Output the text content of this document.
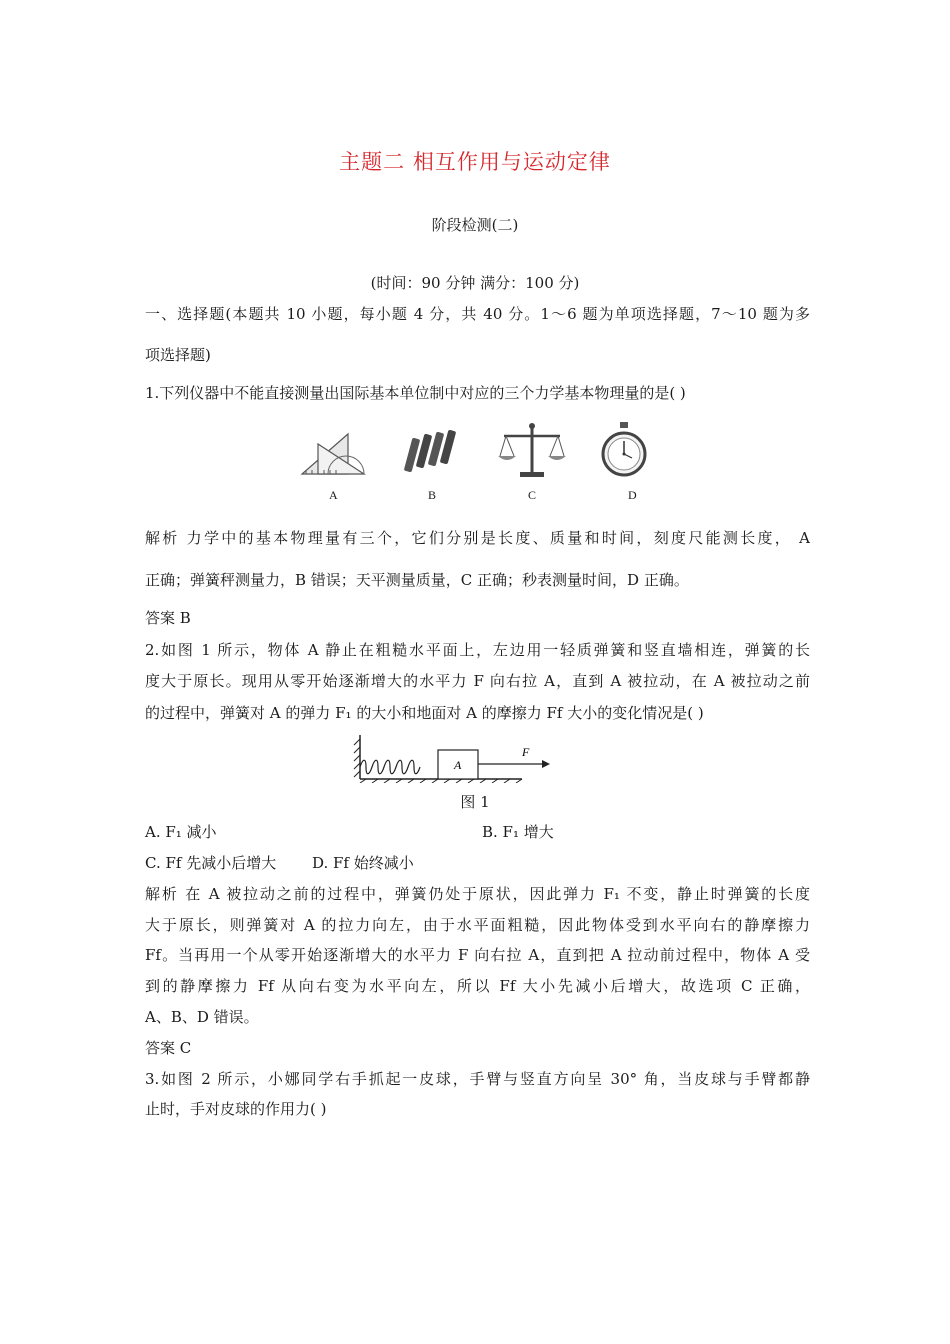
主题二 相互作用与运动定律
阶段检测(二)
(时间：90 分钟 满分：100 分)
一、选择题(本题共 10 小题，每小题 4 分，共 40 分。1～6 题为单项选择题，7～10 题为多
项选择题)
1.下列仪器中不能直接测量出国际基本单位制中对应的三个力学基本物理量的是( )
A	B	C	D
解析 力学中的基本物理量有三个，它们分别是长度、质量和时间，刻度尺能测长度， A
正确；弹簧秤测量力，B 错误；天平测量质量，C 正确；秒表测量时间，D 正确。
答案 B
2.如图 1 所示，物体 A 静止在粗糙水平面上，左边用一轻质弹簧和竖直墙相连，弹簧的长
度大于原长。现用从零开始逐渐增大的水平力 F 向右拉 A，直到 A 被拉动，在 A 被拉动之前
的过程中，弹簧对 A 的弹力 F₁ 的大小和地面对 A 的摩擦力 Ff 大小的变化情况是( )
A
F
图 1
A. F₁ 减小	B. F₁ 增大
C. Ff 先减小后增大 D. Ff 始终减小
解析 在 A 被拉动之前的过程中，弹簧仍处于原状，因此弹力 F₁ 不变，静止时弹簧的长度
大于原长，则弹簧对 A 的拉力向左，由于水平面粗糙，因此物体受到水平向右的静摩擦力
Ff。当再用一个从零开始逐渐增大的水平力 F 向右拉 A，直到把 A 拉动前过程中，物体 A 受
到的静摩擦力 Ff 从向右变为水平向左，所以 Ff 大小先减小后增大，故选项 C 正确，
A、B、D 错误。
答案 C
3.如图 2 所示，小娜同学右手抓起一皮球，手臂与竖直方向呈 30° 角，当皮球与手臂都静
止时，手对皮球的作用力( )
